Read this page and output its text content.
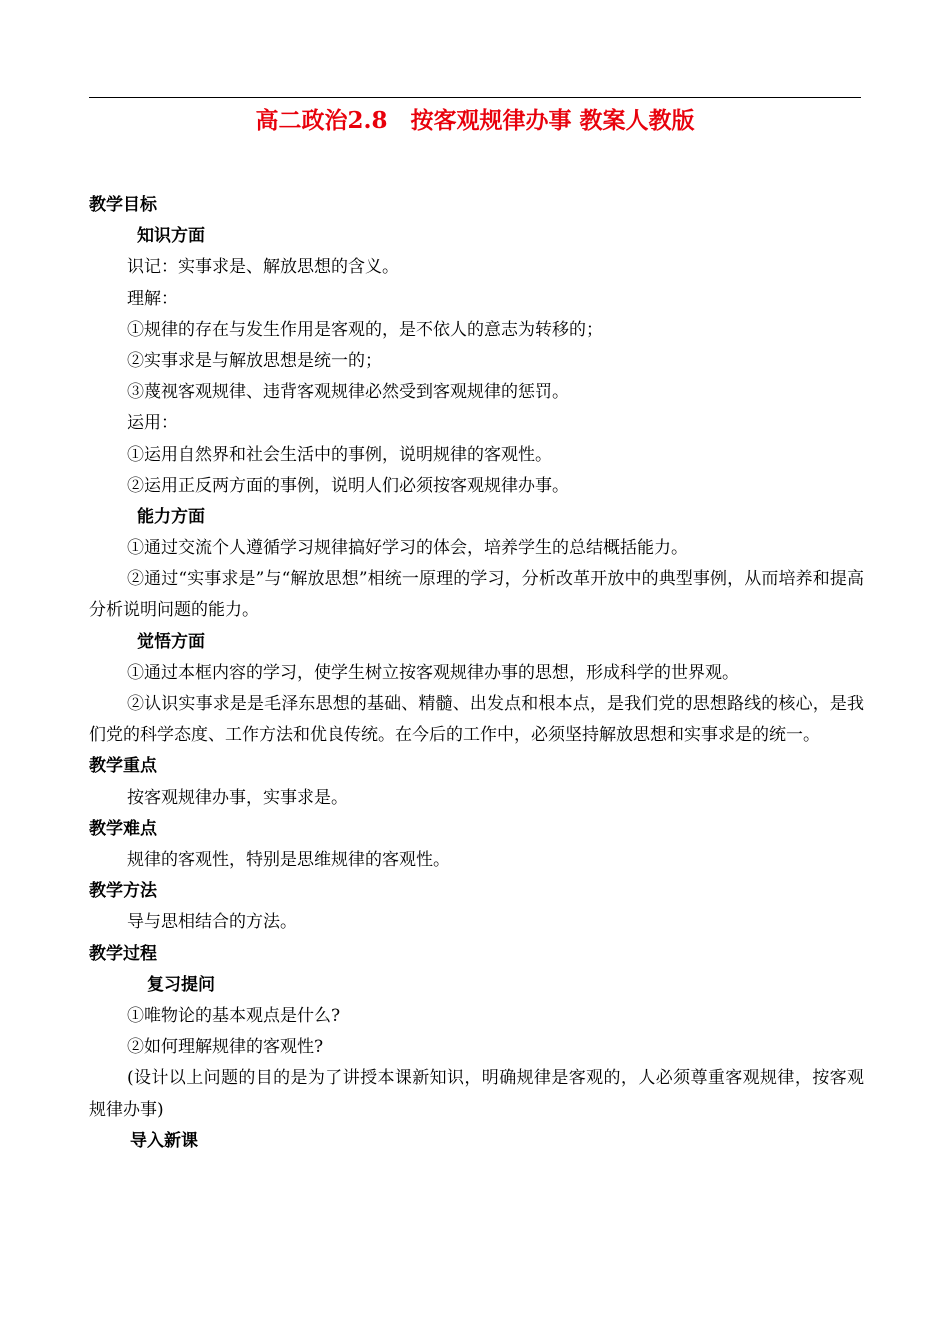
高二政治2.8　按客观规律办事 教案人教版
教学目标
知识方面
识记：实事求是、解放思想的含义。
理解：
①规律的存在与发生作用是客观的，是不依人的意志为转移的；
②实事求是与解放思想是统一的；
③蔑视客观规律、违背客观规律必然受到客观规律的惩罚。
运用：
①运用自然界和社会生活中的事例，说明规律的客观性。
②运用正反两方面的事例，说明人们必须按客观规律办事。
能力方面
①通过交流个人遵循学习规律搞好学习的体会，培养学生的总结概括能力。
②通过“实事求是”与“解放思想”相统一原理的学习，分析改革开放中的典型事例，从而培养和提高分析说明问题的能力。
觉悟方面
①通过本框内容的学习，使学生树立按客观规律办事的思想，形成科学的世界观。
②认识实事求是是毛泽东思想的基础、精髓、出发点和根本点，是我们党的思想路线的核心，是我们党的科学态度、工作方法和优良传统。在今后的工作中，必须坚持解放思想和实事求是的统一。
教学重点
按客观规律办事，实事求是。
教学难点
规律的客观性，特别是思维规律的客观性。
教学方法
导与思相结合的方法。
教学过程
复习提问
①唯物论的基本观点是什么?
②如何理解规律的客观性?
(设计以上问题的目的是为了讲授本课新知识，明确规律是客观的，人必须尊重客观规律，按客观规律办事)
导入新课
